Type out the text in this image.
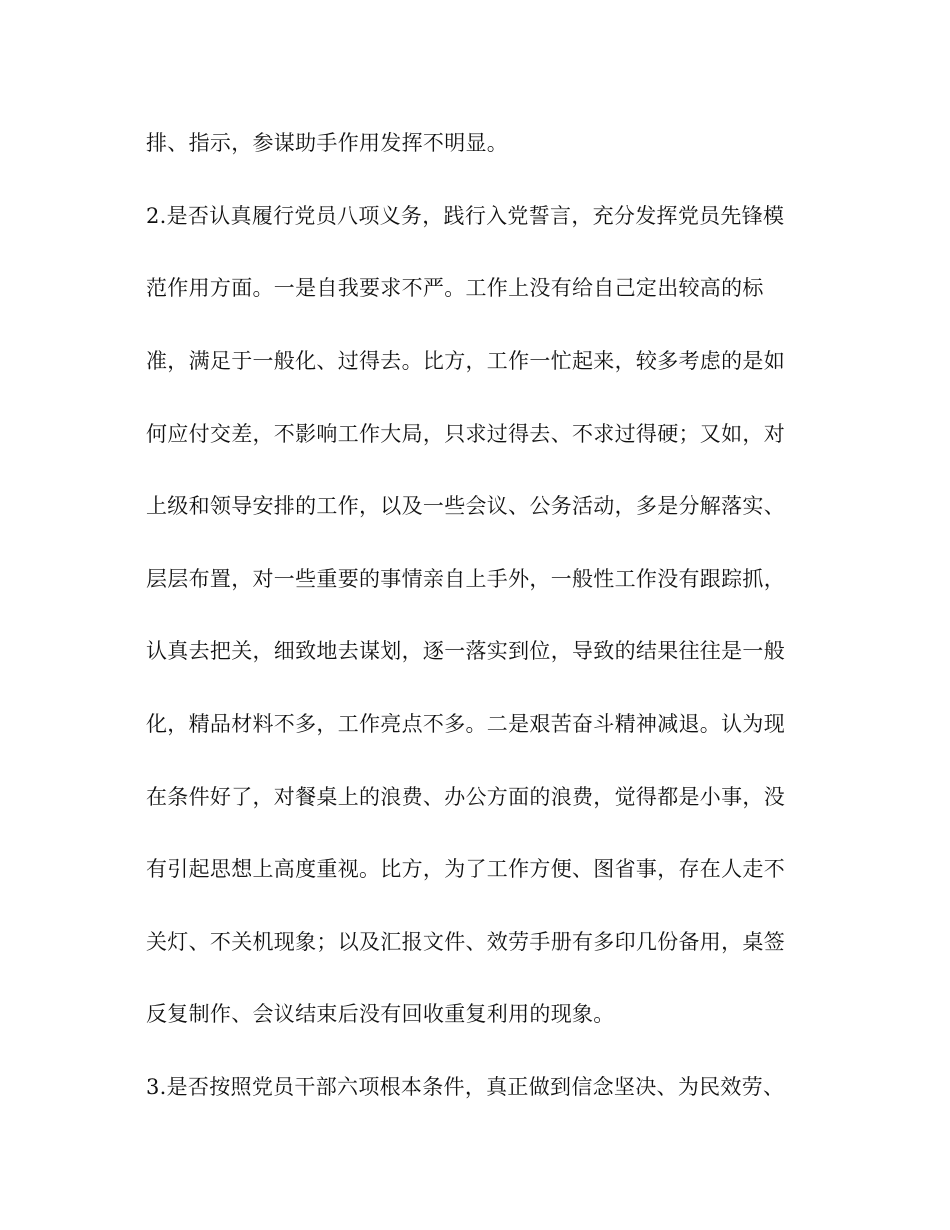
排、指示，参谋助手作用发挥不明显。
2.是否认真履行党员八项义务，践行入党誓言，充分发挥党员先锋模
范作用方面。一是自我要求不严。工作上没有给自己定出较高的标
准，满足于一般化、过得去。比方，工作一忙起来，较多考虑的是如
何应付交差，不影响工作大局，只求过得去、不求过得硬；又如，对
上级和领导安排的工作，以及一些会议、公务活动，多是分解落实、
层层布置，对一些重要的事情亲自上手外，一般性工作没有跟踪抓，
认真去把关，细致地去谋划，逐一落实到位，导致的结果往往是一般
化，精品材料不多，工作亮点不多。二是艰苦奋斗精神减退。认为现
在条件好了，对餐桌上的浪费、办公方面的浪费，觉得都是小事，没
有引起思想上高度重视。比方，为了工作方便、图省事，存在人走不
关灯、不关机现象；以及汇报文件、效劳手册有多印几份备用，桌签
反复制作、会议结束后没有回收重复利用的现象。
3.是否按照党员干部六项根本条件，真正做到信念坚决、为民效劳、
